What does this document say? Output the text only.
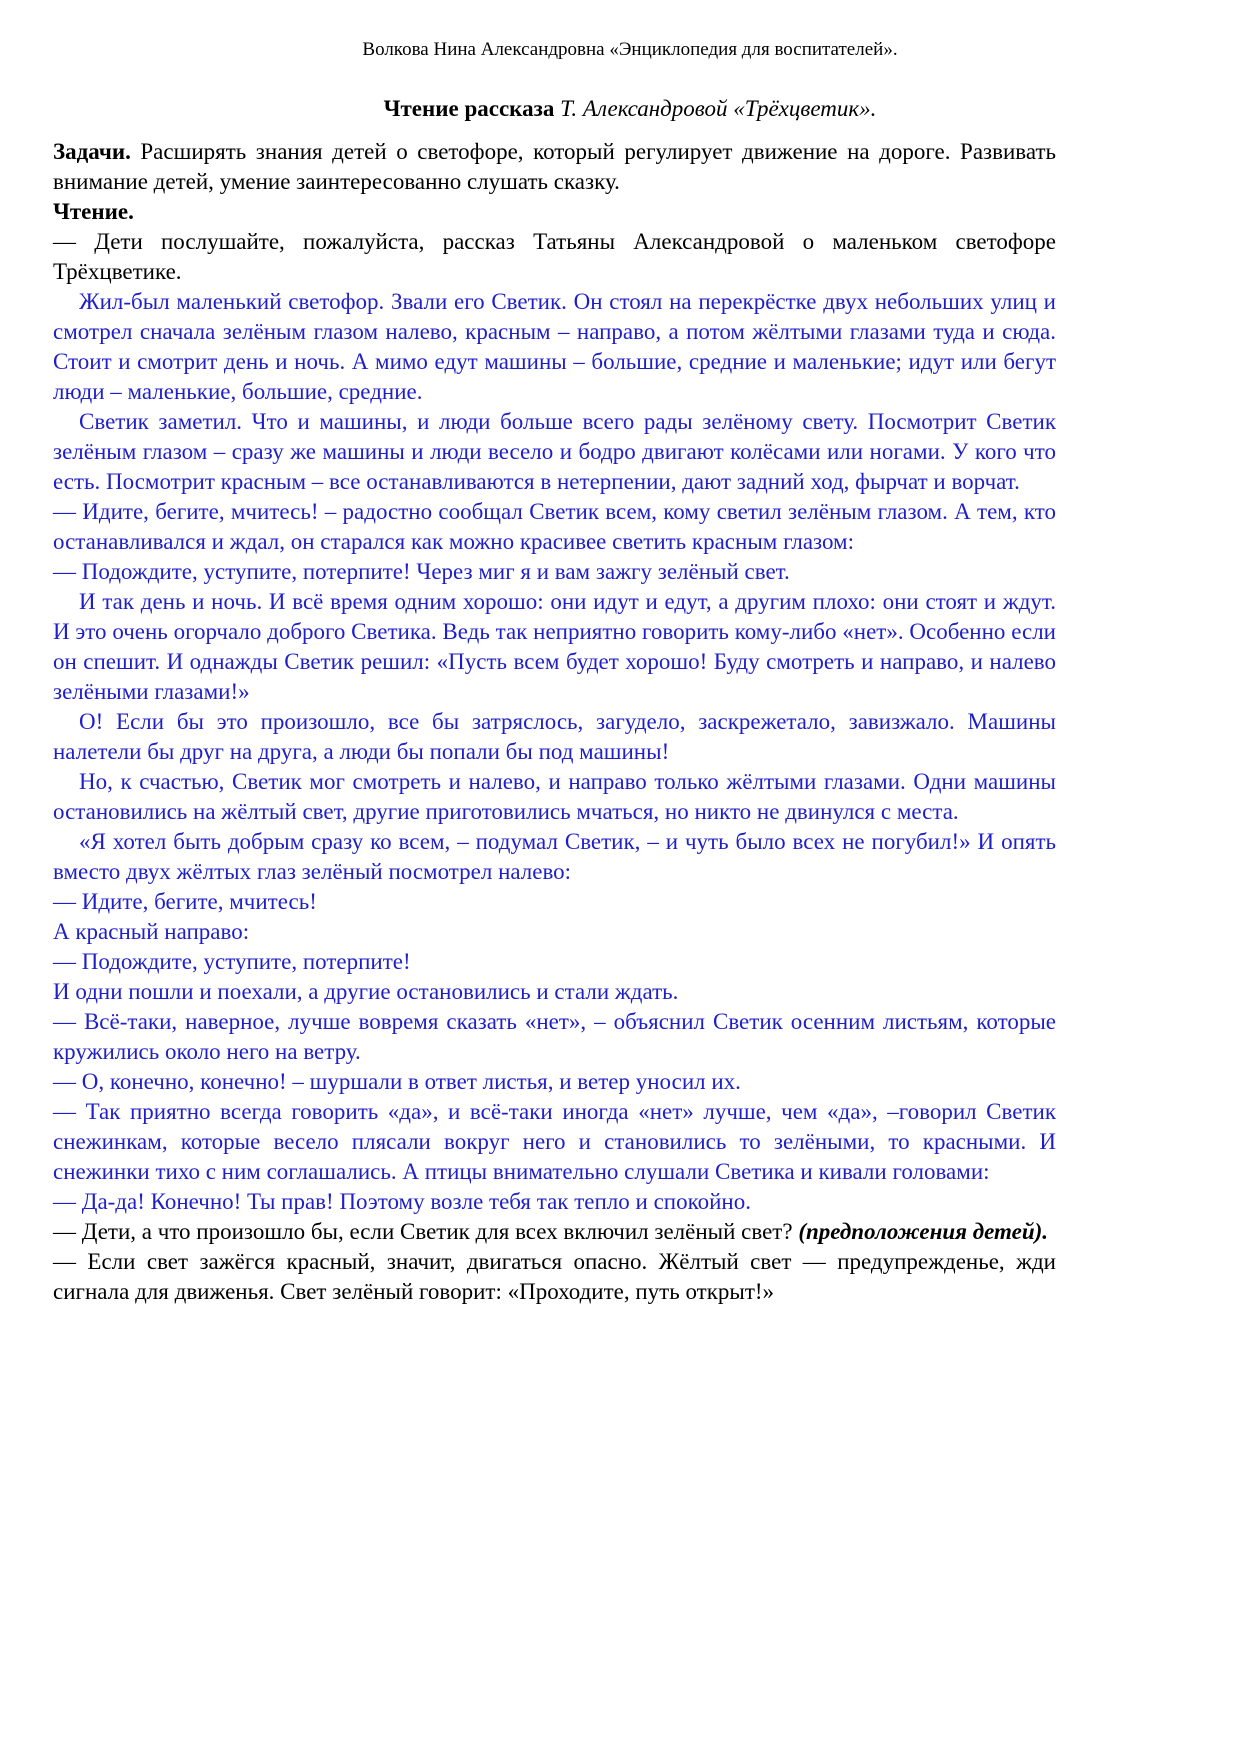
Волкова Нина Александровна «Энциклопедия для воспитателей».
Чтение рассказа Т. Александровой «Трёхцветик».

Задачи. Расширять знания детей о светофоре, который регулирует движение на дороге. Развивать внимание детей, умение заинтересованно слушать сказку.

Чтение.

— Дети послушайте, пожалуйста, рассказ Татьяны Александровой о маленьком светофоре Трёхцветике.

Жил-был маленький светофор. Звали его Светик. Он стоял на перекрёстке двух небольших улиц и смотрел сначала зелёным глазом налево, красным – направо, а потом жёлтыми глазами туда и сюда. Стоит и смотрит день и ночь. А мимо едут машины – большие, средние и маленькие; идут или бегут люди – маленькие, большие, средние.

Светик заметил. Что и машины, и люди больше всего рады зелёному свету. Посмотрит Светик зелёным глазом – сразу же машины и люди весело и бодро двигают колёсами или ногами. У кого что есть. Посмотрит красным – все останавливаются в нетерпении, дают задний ход, фырчат и ворчат.

— Идите, бегите, мчитесь! – радостно сообщал Светик всем, кому светил зелёным глазом. А тем, кто останавливался и ждал, он старался как можно красивее светить красным глазом:

— Подождите, уступите, потерпите! Через миг я и вам зажгу зелёный свет.

И так день и ночь. И всё время одним хорошо: они идут и едут, а другим плохо: они стоят и ждут. И это очень огорчало доброго Светика. Ведь так неприятно говорить кому-либо «нет». Особенно если он спешит. И однажды Светик решил: «Пусть всем будет хорошо! Буду смотреть и направо, и налево зелёными глазами!»

О! Если бы это произошло, все бы затряслось, загудело, заскрежетало, завизжало. Машины налетели бы друг на друга, а люди бы попали бы под машины!

Но, к счастью, Светик мог смотреть и налево, и направо только жёлтыми глазами. Одни машины остановились на жёлтый свет, другие приготовились мчаться, но никто не двинулся с места.

«Я хотел быть добрым сразу ко всем, – подумал Светик, – и чуть было всех не погубил!» И опять вместо двух жёлтых глаз зелёный посмотрел налево:

— Идите, бегите, мчитесь!

А красный направо:

— Подождите, уступите, потерпите!

И одни пошли и поехали, а другие остановились и стали ждать.

— Всё-таки, наверное, лучше вовремя сказать «нет», – объяснил Светик осенним листьям, которые кружились около него на ветру.

— О, конечно, конечно! – шуршали в ответ листья, и ветер уносил их.

— Так приятно всегда говорить «да», и всё-таки иногда «нет» лучше, чем «да», –говорил Светик снежинкам, которые весело плясали вокруг него и становились то зелёными, то красными. И снежинки тихо с ним соглашались. А птицы внимательно слушали Светика и кивали головами:

— Да-да! Конечно! Ты прав! Поэтому возле тебя так тепло и спокойно.

— Дети, а что произошло бы, если Светик для всех включил зелёный свет? (предположения детей).

— Если свет зажёгся красный, значит, двигаться опасно. Жёлтый свет — предупрежденье, жди сигнала для движенья. Свет зелёный говорит: «Проходите, путь открыт!»
